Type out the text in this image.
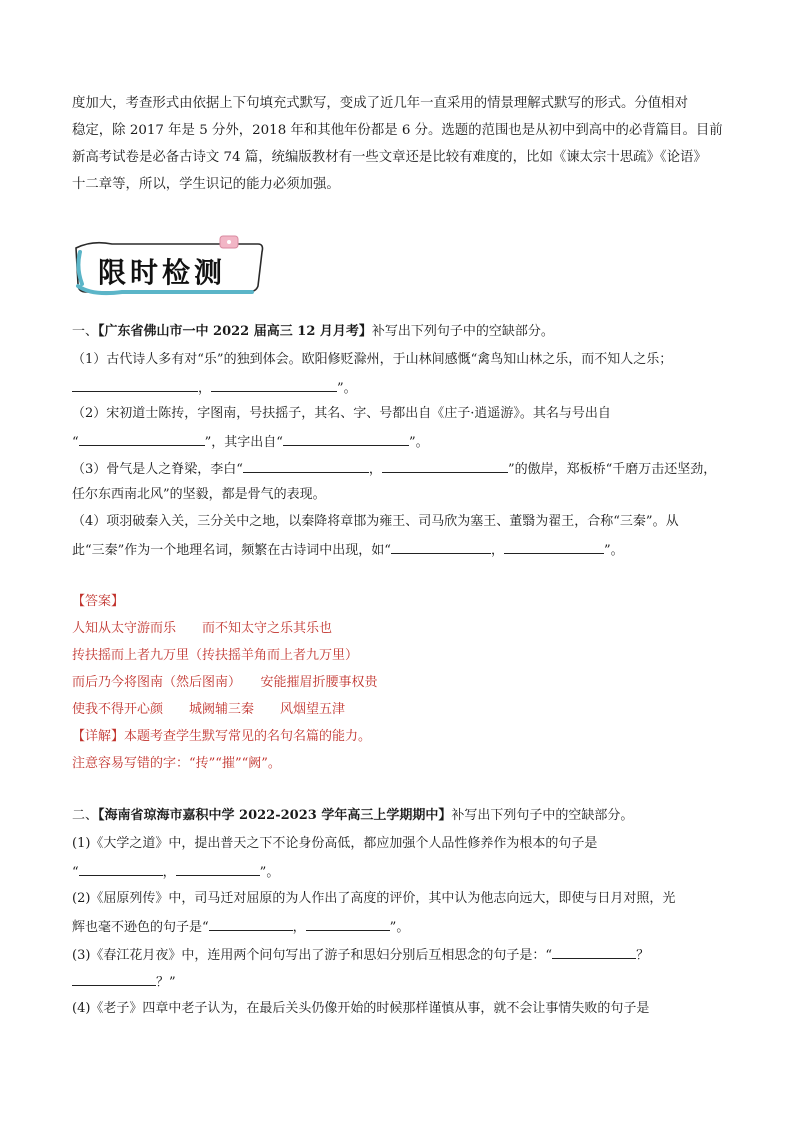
度加大，考查形式由依据上下句填充式默写，变成了近几年一直采用的情景理解式默写的形式。分值相对
稳定，除 2017 年是 5 分外，2018 年和其他年份都是 6 分。选题的范围也是从初中到高中的必背篇目。目前
新高考试卷是必备古诗文 74 篇，统编版教材有一些文章还是比较有难度的，比如《谏太宗十思疏》《论语》
十二章等，所以，学生识记的能力必须加强。
限时检测
一、【广东省佛山市一中 2022 届高三 12 月月考】补写出下列句子中的空缺部分。
（1）古代诗人多有对“乐”的独到体会。欧阳修贬滁州，于山林间感慨“禽鸟知山林之乐，而不知人之乐；
，	”。
（2）宋初道士陈抟，字图南，号扶摇子，其名、字、号都出自《庄子·逍遥游》。其名与号出自
“	”，其字出自“	”。
（3）骨气是人之脊梁，李白“	，	”的傲岸，郑板桥“千磨万击还坚劲，
任尔东西南北风”的坚毅，都是骨气的表现。
（4）项羽破秦入关，三分关中之地，以秦降将章邯为雍王、司马欣为塞王、董翳为翟王，合称“三秦”。从
此“三秦”作为一个地理名词，频繁在古诗词中出现，如“	，	”。
【答案】
人知从太守游而乐　　而不知太守之乐其乐也
抟扶摇而上者九万里（抟扶摇羊角而上者九万里）
而后乃今将图南（然后图南）　　安能摧眉折腰事权贵
使我不得开心颜　　城阙辅三秦　　风烟望五津
【详解】本题考查学生默写常见的名句名篇的能力。
注意容易写错的字：“抟”“摧”“阙”。
二、【海南省琼海市嘉积中学 2022-2023 学年高三上学期期中】补写出下列句子中的空缺部分。
(1)《大学之道》中，提出普天之下不论身份高低，都应加强个人品性修养作为根本的句子是
“	，	”。
(2)《屈原列传》中，司马迁对屈原的为人作出了高度的评价，其中认为他志向远大，即使与日月对照，光
辉也毫不逊色的句子是“	，	”。
(3)《春江花月夜》中，连用两个问句写出了游子和思妇分别后互相思念的句子是：“	？
？”
(4)《老子》四章中老子认为，在最后关头仍像开始的时候那样谨慎从事，就不会让事情失败的句子是
